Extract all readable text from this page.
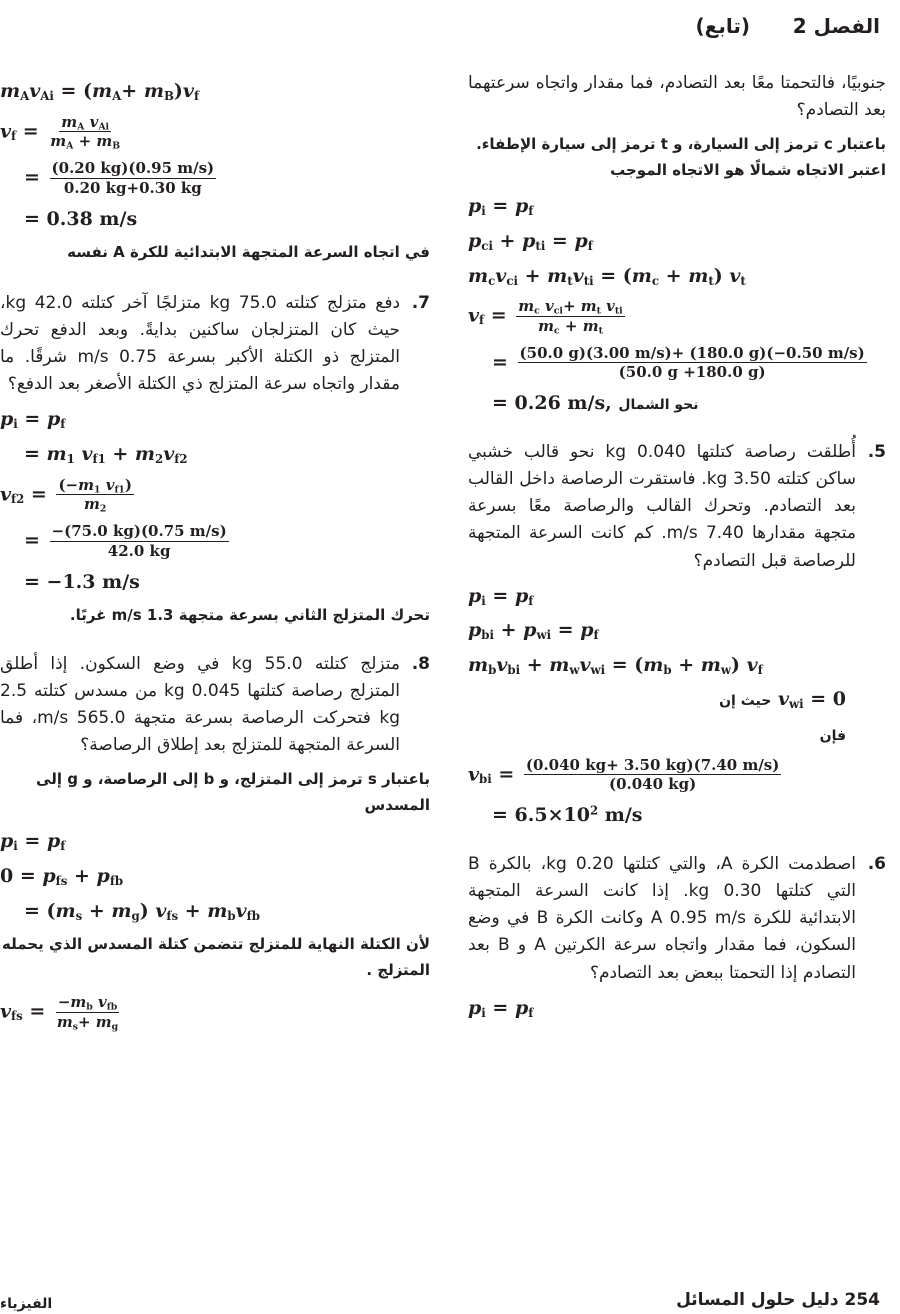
الفصل 2
(تابع)

جنوبيًا، فالتحمتا معًا بعد التصادم، فما مقدار واتجاه سرعتهما بعد التصادم؟

باعتبار c ترمز إلى السيارة، و t ترمز إلى سيارة الإطفاء. اعتبر الاتجاه شمالًا هو الاتجاه الموجب

$p_i = p_f$
$p_{ci} + p_{ti} = p_f$
$m_cv_{ci} + m_tv_{ti} = (m_c + m_t)$ $v_t$
$v_f = \frac{m_c v_{ci}+ m_t v_{ti}}{m_c + m_t}$
= $\frac{(50.0 g)(3.00 m/s)+ (180.0 g)(-0.50 m/s)}{(50.0 g +180.0 g)}$
= 0.26 m/s, نحو الشمال
5.
أُطلقت رصاصة كتلتها 0.040 kg نحو قالب خشبي ساكن كتلته 3.50 kg. فاستقرت الرصاصة داخل القالب بعد التصادم. وتحرك القالب والرصاصة معًا بسرعة متجهة مقدارها 7.40 m/s. كم كانت السرعة المتجهة للرصاصة قبل التصادم؟
$p_i = p_f$
$p_{bi} + p_{wi} = p_f$
$m_bv_{bi} + m_wv_{wi} = (m_b + m_w)$ $v_f$
حيث إن $v_{wi} = 0$
فإن
$v_{bi} = \frac{(0.040 kg+ 3.50 kg)(7.40 m/s)}{(0.040 kg)}$
= $6.5\times 10^2$ m/s
6.
اصطدمت الكرة A، والتي كتلتها 0.20 kg، بالكرة B التي كتلتها 0.30 kg. إذا كانت السرعة المتجهة الابتدائية للكرة A 0.95 m/s وكانت الكرة B في وضع السكون، فما مقدار واتجاه سرعة الكرتين A و B بعد التصادم إذا التحمتا ببعض بعد التصادم؟
$p_i = p_f$
$m_Av_{Ai} = (m_A+ m_B)v_f$
$v_f = \frac{m_A v_{Ai}}{m_A + m_B}$
= $\frac{(0.20 kg)(0.95 m/s)}{0.20 kg+0.30 kg}$
= 0.38 m/s

في اتجاه السرعة المتجهة الابتدائية للكرة A نفسه

7.
دفع متزلج كتلته 75.0 kg متزلجًا آخر كتلته 42.0 kg، حيث كان المتزلجان ساكنين بدايةً. وبعد الدفع تحرك المتزلج ذو الكتلة الأكبر بسرعة 0.75 m/s شرقًا. ما مقدار واتجاه سرعة المتزلج ذي الكتلة الأصغر بعد الدفع؟
$p_i = p_f$
= $m_1$ $v_{f1} + m_2v_{f2}$
$v_{f2} = \frac{(-m_1 v_{f1})}{m_2}$
= $\frac{-(75.0 kg)(0.75 m/s)}{42.0 kg}$
= −1.3 m/s

تحرك المتزلج الثاني بسرعة متجهة 1.3 m/s غربًا.

8.
متزلج كتلته 55.0 kg في وضع السكون. إذا أطلق المتزلج رصاصة كتلتها 0.045 kg من مسدس كتلته 2.5 kg فتحركت الرصاصة بسرعة متجهة 565.0 m/s، فما السرعة المتجهة للمتزلج بعد إطلاق الرصاصة؟

باعتبار s ترمز إلى المتزلج، و b إلى الرصاصة، و g إلى المسدس

$p_i = p_f$
$0 = p_{fs} + p_{fb}$
= $(m_s + m_g) v_{fs} + m_bv_{fb}$

لأن الكتلة النهاية للمتزلج تتضمن كتلة المسدس الذي يحمله المتزلج .

$v_{fs} = \frac{-m_b v_{fb}}{m_s+ m_g}$
الفيزياء	254 دليل حلول المسائل
